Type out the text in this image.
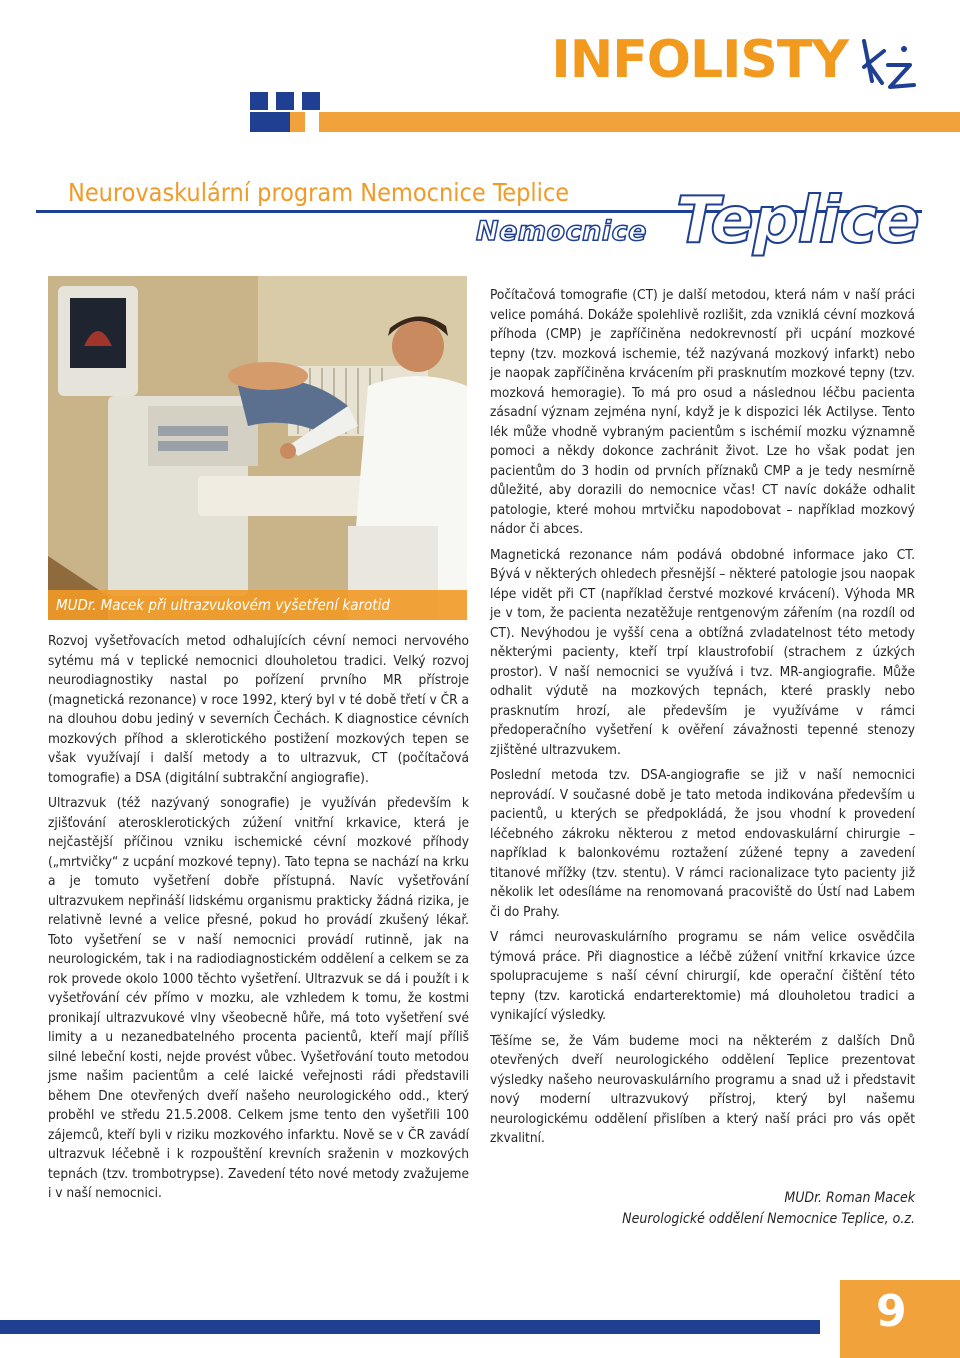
INFOLISTY
Neurovaskulární program Nemocnice Teplice
Nemocnice Teplice
MUDr. Macek při ultrazvukovém vyšetření karotid

Rozvoj vyšetřovacích metod odhalujících cévní nemoci nervového sytému má v teplické nemocnici dlouholetou tradici. Velký rozvoj neurodiagnostiky nastal po pořízení prvního MR přístroje (magnetická rezonance) v roce 1992, který byl v té době třetí v ČR a na dlouhou dobu jediný v severních Čechách. K diagnostice cévních mozkových příhod a sklerotického postižení mozkových tepen se však využívají i další metody a to ultrazvuk, CT (počítačová tomografie) a DSA (digitální subtrakční angiografie).

Ultrazvuk (též nazývaný sonografie) je využíván především k zjišťování aterosklerotických zúžení vnitřní krkavice, která je nejčastější příčinou vzniku ischemické cévní mozkové příhody („mrtvičky“ z ucpání mozkové tepny). Tato tepna se nachází na krku a je tomuto vyšetření dobře přístupná. Navíc vyšetřování ultrazvukem nepřináší lidskému organismu prakticky žádná rizika, je relativně levné a velice přesné, pokud ho provádí zkušený lékař. Toto vyšetření se v naší nemocnici provádí rutinně, jak na neurologickém, tak i na radiodiagnostickém oddělení a celkem se za rok provede okolo 1000 těchto vyšetření. Ultrazvuk se dá i použít i k vyšetřování cév přímo v mozku, ale vzhledem k tomu, že kostmi pronikají ultrazvukové vlny všeobecně hůře, má toto vyšetření své limity a u nezanedbatelného procenta pacientů, kteří mají příliš silné lebeční kosti, nejde provést vůbec. Vyšetřování touto metodou jsme našim pacientům a celé laické veřejnosti rádi představili během Dne otevřených dveří našeho neurologického odd., který proběhl ve středu 21.5.2008. Celkem jsme tento den vyšetřili 100 zájemců, kteří byli v riziku mozkového infarktu. Nově se v ČR zavádí ultrazvuk léčebně i k rozpouštění krevních sraženin v mozkových tepnách (tzv. trombotrypse). Zavedení této nové metody zvažujeme i v naší nemocnici.

Počítačová tomografie (CT) je další metodou, která nám v naší práci velice pomáhá. Dokáže spolehlivě rozlišit, zda vzniklá cévní mozková příhoda (CMP) je zapříčiněna nedokrevností při ucpání mozkové tepny (tzv. mozková ischemie, též nazývaná mozkový infarkt) nebo je naopak zapříčiněna krvácením při prasknutím mozkové tepny (tzv. mozková hemoragie). To má pro osud a následnou léčbu pacienta zásadní význam zejména nyní, když je k dispozici lék Actilyse. Tento lék může vhodně vybraným pacientům s ischémií mozku významně pomoci a někdy dokonce zachránit život. Lze ho však podat jen pacientům do 3 hodin od prvních příznaků CMP a je tedy nesmírně důležité, aby dorazili do nemocnice včas! CT navíc dokáže odhalit patologie, které mohou mrtvičku napodobovat – například mozkový nádor či abces.

Magnetická rezonance nám podává obdobné informace jako CT. Bývá v některých ohledech přesnější – některé patologie jsou naopak lépe vidět při CT (například čerstvé mozkové krvácení). Výhoda MR je v tom, že pacienta nezatěžuje rentgenovým zářením (na rozdíl od CT). Nevýhodou je vyšší cena a obtížná zvladatelnost této metody některými pacienty, kteří trpí klaustrofobií (strachem z úzkých prostor). V naší nemocnici se využívá i tvz. MR-angiografie. Může odhalit výdutě na mozkových tepnách, které praskly nebo prasknutím hrozí, ale především je využíváme v rámci předoperačního vyšetření k ověření závažnosti tepenné stenozy zjištěné ultrazvukem.

Poslední metoda tzv. DSA-angiografie se již v naší nemocnici neprovádí. V současné době je tato metoda indikována především u pacientů, u kterých se předpokládá, že jsou vhodní k provedení léčebného zákroku některou z metod endovaskulární chirurgie – například k balonkovému roztažení zúžené tepny a zavedení titanové mřížky (tzv. stentu). V rámci racionalizace tyto pacienty již několik let odesíláme na renomovaná pracoviště do Ústí nad Labem či do Prahy.

V rámci neurovaskulárního programu se nám velice osvědčila týmová práce. Při diagnostice a léčbě zúžení vnitřní krkavice úzce spolupracujeme s naší cévní chirurgií, kde operační čištění této tepny (tzv. karotická endarterektomie) má dlouholetou tradici a vynikající výsledky.

Těšíme se, že Vám budeme moci na některém z dalších Dnů otevřených dveří neurologického oddělení Teplice prezentovat výsledky našeho neurovaskulárního programu a snad už i představit nový moderní ultrazvukový přístroj, který byl našemu neurologickému oddělení přislíben a který naší práci pro vás opět zkvalitní.

MUDr. Roman Macek
Neurologické oddělení Nemocnice Teplice, o.z.
9
